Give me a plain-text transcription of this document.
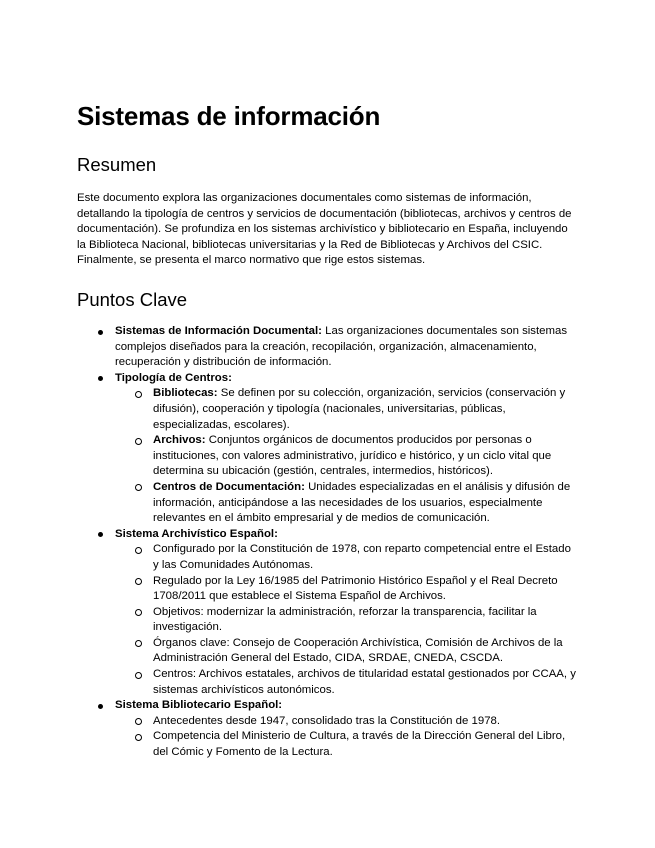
Sistemas de información
Resumen

Este documento explora las organizaciones documentales como sistemas de información, detallando la tipología de centros y servicios de documentación (bibliotecas, archivos y centros de documentación). Se profundiza en los sistemas archivístico y bibliotecario en España, incluyendo la Biblioteca Nacional, bibliotecas universitarias y la Red de Bibliotecas y Archivos del CSIC. Finalmente, se presenta el marco normativo que rige estos sistemas.

Puntos Clave
Sistemas de Información Documental: Las organizaciones documentales son sistemas complejos diseñados para la creación, recopilación, organización, almacenamiento, recuperación y distribución de información.
Tipología de Centros:
Bibliotecas: Se definen por su colección, organización, servicios (conservación y difusión), cooperación y tipología (nacionales, universitarias, públicas, especializadas, escolares).
Archivos: Conjuntos orgánicos de documentos producidos por personas o instituciones, con valores administrativo, jurídico e histórico, y un ciclo vital que determina su ubicación (gestión, centrales, intermedios, históricos).
Centros de Documentación: Unidades especializadas en el análisis y difusión de información, anticipándose a las necesidades de los usuarios, especialmente relevantes en el ámbito empresarial y de medios de comunicación.
Sistema Archivístico Español:
Configurado por la Constitución de 1978, con reparto competencial entre el Estado y las Comunidades Autónomas.
Regulado por la Ley 16/1985 del Patrimonio Histórico Español y el Real Decreto 1708/2011 que establece el Sistema Español de Archivos.
Objetivos: modernizar la administración, reforzar la transparencia, facilitar la investigación.
Órganos clave: Consejo de Cooperación Archivística, Comisión de Archivos de la Administración General del Estado, CIDA, SRDAE, CNEDA, CSCDA.
Centros: Archivos estatales, archivos de titularidad estatal gestionados por CCAA, y sistemas archivísticos autonómicos.
Sistema Bibliotecario Español:
Antecedentes desde 1947, consolidado tras la Constitución de 1978.
Competencia del Ministerio de Cultura, a través de la Dirección General del Libro, del Cómic y Fomento de la Lectura.
